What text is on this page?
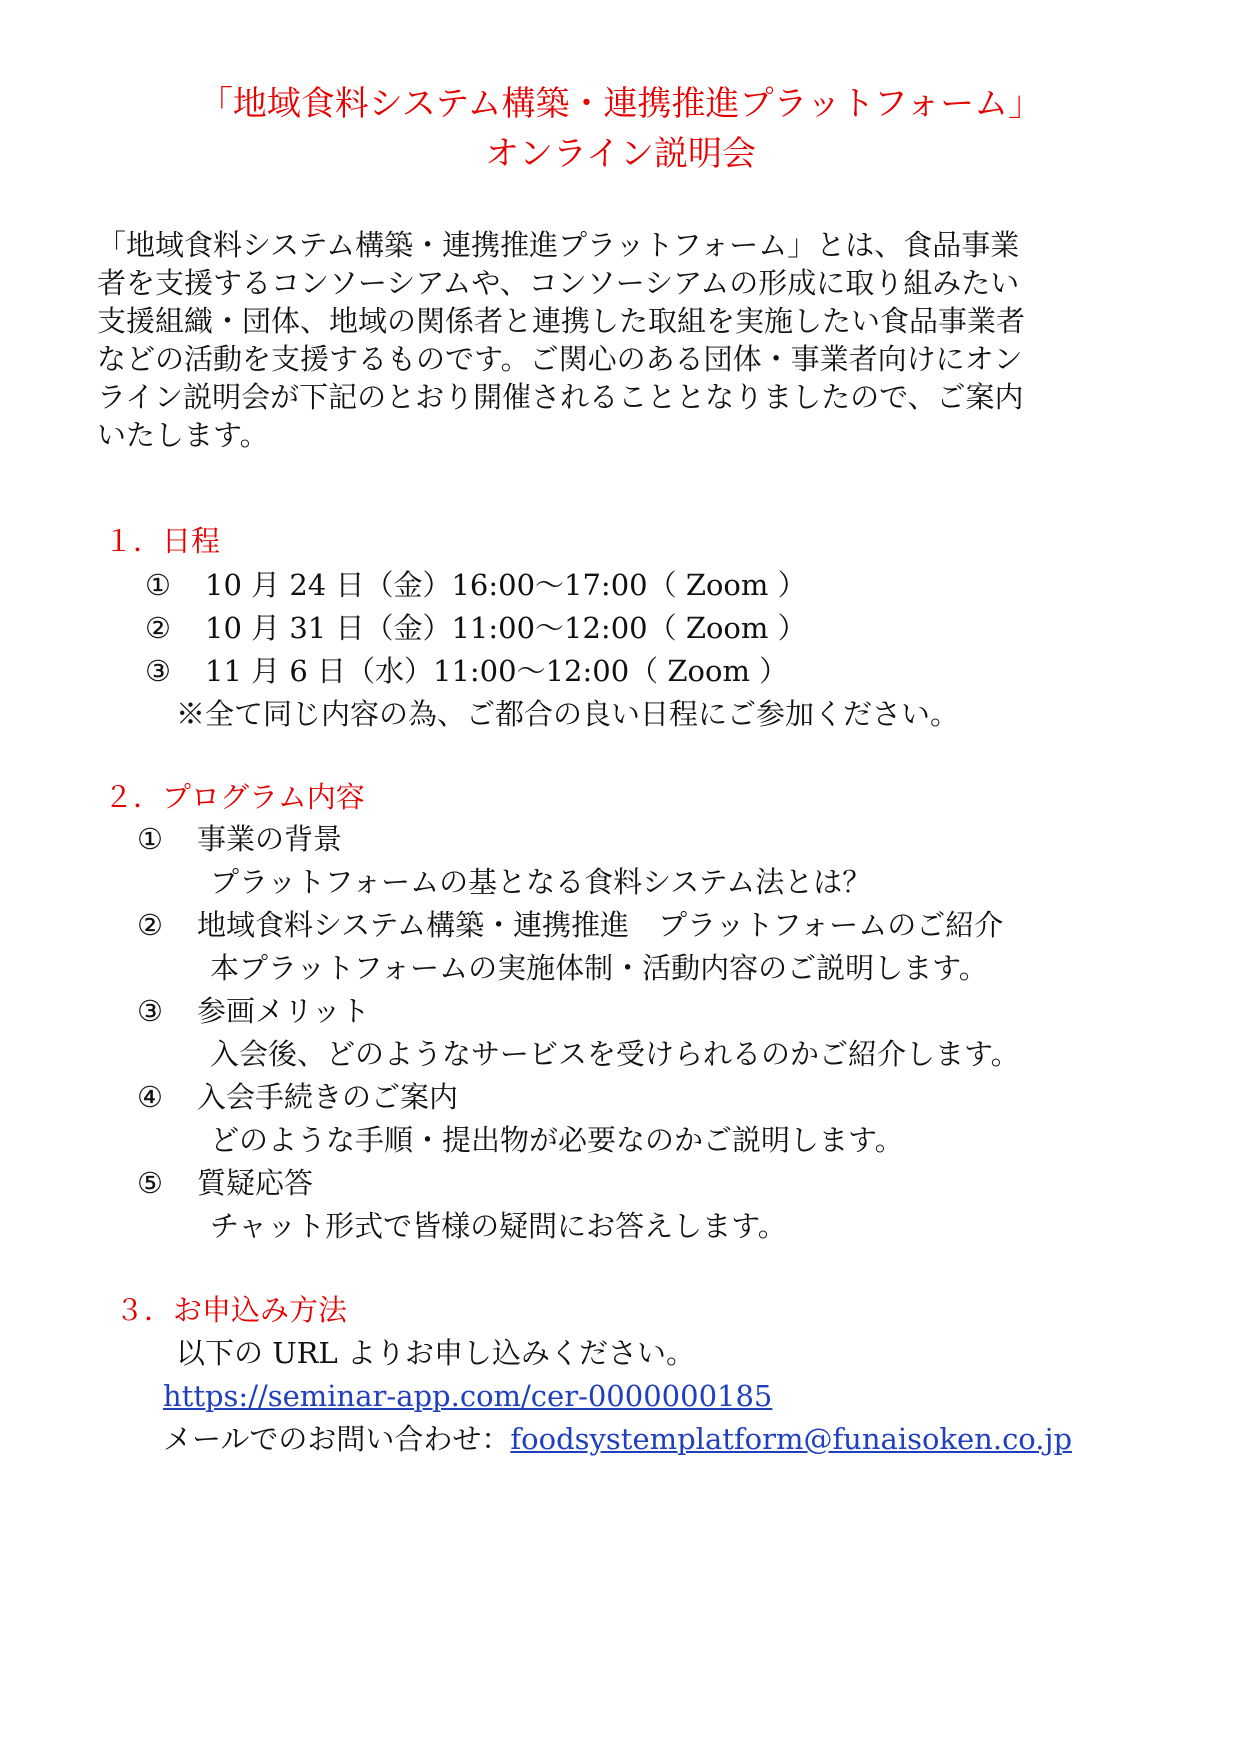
「地域食料システム構築・連携推進プラットフォーム」
オンライン説明会
「地域食料システム構築・連携推進プラットフォーム」とは、食品事業
者を支援するコンソーシアムや、コンソーシアムの形成に取り組みたい
支援組織・団体、地域の関係者と連携した取組を実施したい食品事業者
などの活動を支援するものです。ご関心のある団体・事業者向けにオン
ライン説明会が下記のとおり開催されることとなりましたので、ご案内
いたします。
１．日程
① 10 月 24 日（金）16:00～17:00（ Zoom ）
② 10 月 31 日（金）11:00～12:00（ Zoom ）
③ 11 月 6 日（水）11:00～12:00（ Zoom ）
※全て同じ内容の為、ご都合の良い日程にご参加ください。
２．プログラム内容
① 事業の背景
プラットフォームの基となる食料システム法とは？
② 地域食料システム構築・連携推進　プラットフォームのご紹介
本プラットフォームの実施体制・活動内容のご説明します。
③ 参画メリット
入会後、どのようなサービスを受けられるのかご紹介します。
④ 入会手続きのご案内
どのような手順・提出物が必要なのかご説明します。
⑤ 質疑応答
チャット形式で皆様の疑問にお答えします。
３．お申込み方法
以下の URL よりお申し込みください。
https://seminar-app.com/cer-0000000185
メールでのお問い合わせ：foodsystemplatform@funaisoken.co.jp
